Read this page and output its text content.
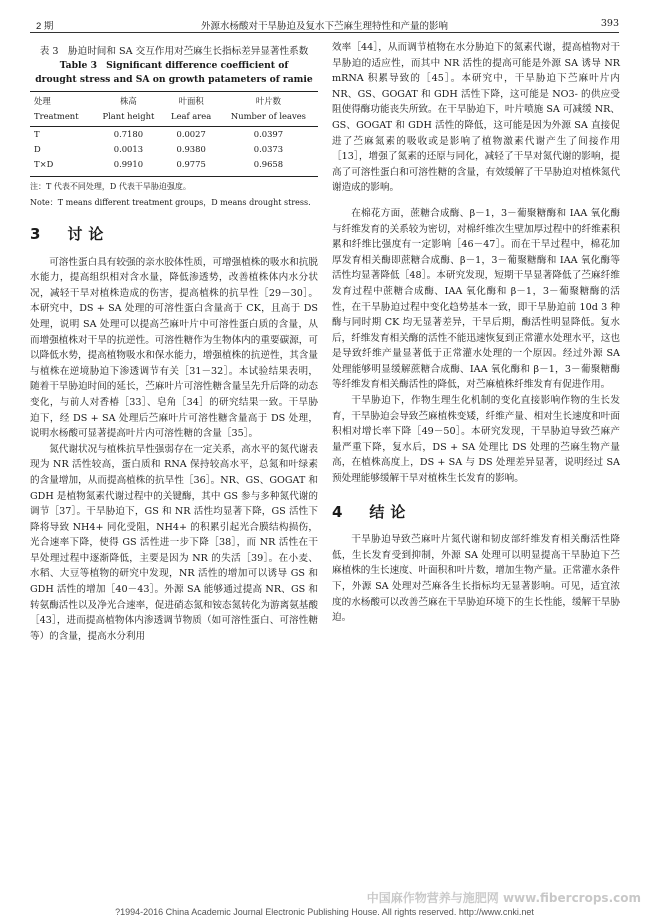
2 期	外源水杨酸对干旱胁迫及复水下苎麻生理特性和产量的影响	393
表 3　胁迫时间和 SA 交互作用对苎麻生长指标差异显著性系数
Table 3　Significant difference coefficient of
drought stress and SA on growth patameters of ramie
处理	株高	叶面积	叶片数
Treatment	Plant height	Leaf area	Number of leaves
T	0.7180	0.0027	0.0397
D	0.0013	0.9380	0.0373
T×D	0.9910	0.9775	0.9658
注：T 代表不同处理，D 代表干旱胁迫强度。
Note：T means different treatment groups，D means drought stress.
3　讨论

可溶性蛋白具有较强的亲水胶体性质，可增强植株的吸水和抗脱水能力，提高组织相对含水量，降低渗透势，改善植株体内水分状况，减轻干旱对植株造成的伤害，提高植株的抗旱性［29－30］。本研究中，DS + SA 处理的可溶性蛋白含量高于 CK，且高于 DS 处理，说明 SA 处理可以提高苎麻叶片中可溶性蛋白质的含量，从而增强植株对干旱的抗逆性。可溶性糖作为生物体内的重要碳源，可以降低水势，提高植物吸水和保水能力，增强植株的抗逆性，其含量与植株在逆境胁迫下渗透调节有关［31－32］。本试验结果表明，随着干旱胁迫时间的延长，苎麻叶片可溶性糖含量呈先升后降的动态变化，与前人对香椿［33］、皂角［34］的研究结果一致。干旱胁迫下，经 DS + SA 处理后苎麻叶片可溶性糖含量高于 DS 处理，说明水杨酸可显著提高叶片内可溶性糖的含量［35］。

氮代谢状况与植株抗旱性强弱存在一定关系，高水平的氮代谢表现为 NR 活性较高，蛋白质和 RNA 保持较高水平，总氮和叶绿素的含量增加，从而提高植株的抗旱性［36］。NR、GS、GOGAT 和 GDH 是植物氮素代谢过程中的关键酶，其中 GS 参与多种氮代谢的调节［37］。干旱胁迫下，GS 和 NR 活性均显著下降，GS 活性下降将导致 NH4+ 同化受阻，NH4+ 的积累引起光合膜结构损伤，光合速率下降，使得 GS 活性进一步下降［38］，而 NR 活性在干旱处理过程中逐渐降低，主要是因为 NR 的失活［39］。在小麦、水稻、大豆等植物的研究中发现，NR 活性的增加可以诱导 GS 和 GDH 活性的增加［40－43］。外源 SA 能够通过提高 NR、GS 和转氨酶活性以及净光合速率，促进硝态氮和铵态氮转化为游离氨基酸［43］，进而提高植物体内渗透调节物质（如可溶性蛋白、可溶性糖等）的含量，提高水分利用

效率［44］，从而调节植物在水分胁迫下的氮素代谢，提高植物对干旱胁迫的适应性，而其中 NR 活性的提高可能是外源 SA 诱导 NR mRNA 积累导致的［45］。本研究中，干旱胁迫下苎麻叶片内 NR、GS、GOGAT 和 GDH 活性下降，这可能是 NO3- 的供应受阻使得酶功能丧失所致。在干旱胁迫下，叶片喷施 SA 可减缓 NR、GS、GOGAT 和 GDH 活性的降低，这可能是因为外源 SA 直接促进了苎麻氮素的吸收或是影响了植物激素代谢产生了间接作用［13］，增强了氮素的还原与同化，减轻了干旱对氮代谢的影响，提高了可溶性蛋白和可溶性糖的含量，有效缓解了干旱胁迫对植株氮代谢造成的影响。

在棉花方面，蔗糖合成酶、β－1，3－葡聚糖酶和 IAA 氧化酶与纤维发育的关系较为密切，对棉纤维次生壁加厚过程中的纤维素积累和纤维比强度有一定影响［46－47］。而在干旱过程中，棉花加厚发育相关酶即蔗糖合成酶、β－1，3－葡聚糖酶和 IAA 氧化酶等活性均显著降低［48］。本研究发现，短期干旱显著降低了苎麻纤维发育过程中蔗糖合成酶、IAA 氧化酶和 β－1，3－葡聚糖酶的活性，在干旱胁迫过程中变化趋势基本一致，即干旱胁迫前 10d 3 种酶与同时期 CK 均无显著差异，干旱后期，酶活性明显降低。复水后，纤维发育相关酶的活性不能迅速恢复到正常灌水处理水平，这也是导致纤维产量显著低于正常灌水处理的一个原因。经过外源 SA 处理能够明显缓解蔗糖合成酶、IAA 氧化酶和 β－1，3－葡聚糖酶等纤维发育相关酶活性的降低，对苎麻植株纤维发育有促进作用。

干旱胁迫下，作物生理生化机制的变化直接影响作物的生长发育，干旱胁迫会导致苎麻植株变矮，纤维产量、相对生长速度和叶面积相对增长率下降［49－50］。本研究发现，干旱胁迫导致苎麻产量严重下降，复水后，DS + SA 处理比 DS 处理的苎麻生物产量高，在植株高度上，DS + SA 与 DS 处理差异显著，说明经过 SA 预处理能够缓解干旱对植株生长发育的影响。

4　结论

干旱胁迫导致苎麻叶片氮代谢和韧皮部纤维发育相关酶活性降低，生长发育受到抑制，外源 SA 处理可以明显提高干旱胁迫下苎麻植株的生长速度、叶面积和叶片数，增加生物产量。正常灌水条件下，外源 SA 处理对苎麻各生长指标均无显著影响。可见，适宜浓度的水杨酸可以改善苎麻在干旱胁迫环境下的生长性能，缓解干旱胁迫。

中国麻作物营养与施肥网 www.fibercrops.com
?1994-2016 China Academic Journal Electronic Publishing House. All rights reserved. http://www.cnki.net
